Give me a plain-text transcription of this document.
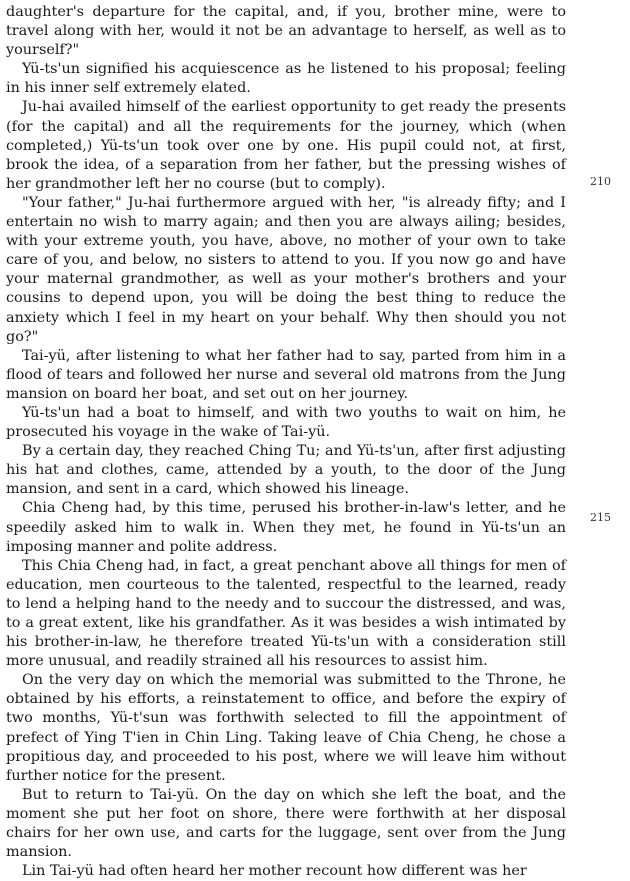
daughter's departure for the capital, and, if you, brother mine, were to travel along with her, would it not be an advantage to herself, as well as to yourself?"

Yü-ts'un signified his acquiescence as he listened to his proposal; feeling in his inner self extremely elated.

Ju-hai availed himself of the earliest opportunity to get ready the presents (for the capital) and all the requirements for the journey, which (when completed,) Yü-ts'un took over one by one. His pupil could not, at first, brook the idea, of a separation from her father, but the pressing wishes of her grandmother left her no course (but to comply).

"Your father," Ju-hai furthermore argued with her, "is already fifty; and I entertain no wish to marry again; and then you are always ailing; besides, with your extreme youth, you have, above, no mother of your own to take care of you, and below, no sisters to attend to you. If you now go and have your maternal grandmother, as well as your mother's brothers and your cousins to depend upon, you will be doing the best thing to reduce the anxiety which I feel in my heart on your behalf. Why then should you not go?"

Tai-yü, after listening to what her father had to say, parted from him in a flood of tears and followed her nurse and several old matrons from the Jung mansion on board her boat, and set out on her journey.

Yü-ts'un had a boat to himself, and with two youths to wait on him, he prosecuted his voyage in the wake of Tai-yü.

By a certain day, they reached Ching Tu; and Yü-ts'un, after first adjusting his hat and clothes, came, attended by a youth, to the door of the Jung mansion, and sent in a card, which showed his lineage.

Chia Cheng had, by this time, perused his brother-in-law's letter, and he speedily asked him to walk in. When they met, he found in Yü-ts'un an imposing manner and polite address.

This Chia Cheng had, in fact, a great penchant above all things for men of education, men courteous to the talented, respectful to the learned, ready to lend a helping hand to the needy and to succour the distressed, and was, to a great extent, like his grandfather. As it was besides a wish intimated by his brother-in-law, he therefore treated Yü-ts'un with a consideration still more unusual, and readily strained all his resources to assist him.

On the very day on which the memorial was submitted to the Throne, he obtained by his efforts, a reinstatement to office, and before the expiry of two months, Yü-t'sun was forthwith selected to fill the appointment of prefect of Ying T'ien in Chin Ling. Taking leave of Chia Cheng, he chose a propitious day, and proceeded to his post, where we will leave him without further notice for the present.

But to return to Tai-yü. On the day on which she left the boat, and the moment she put her foot on shore, there were forthwith at her disposal chairs for her own use, and carts for the luggage, sent over from the Jung mansion.

Lin Tai-yü had often heard her mother recount how different was her

210
215
